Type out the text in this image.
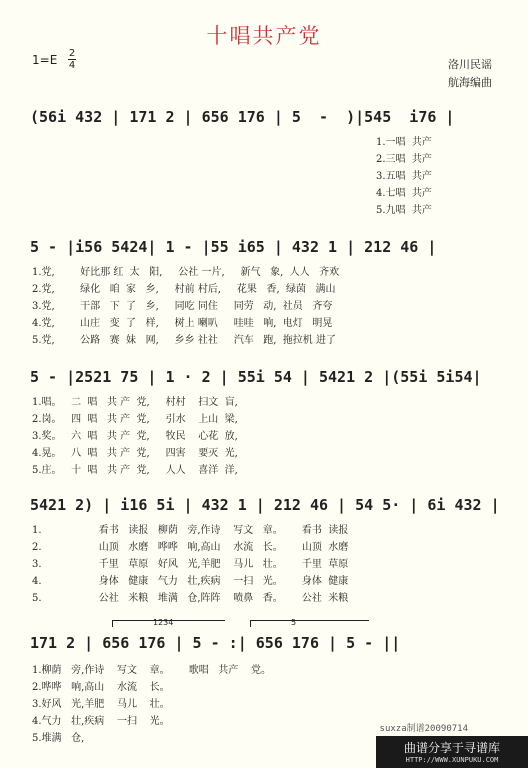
十唱共产党
1=E 2
4	洛川民谣
航海编曲
(56i 432 | 171 2 | 656 176 | 5  -  )|545  i76 |
1.一唱  共产
2.三唱  共产
3.五唱  共产
4.七唱  共产
5.九唱  共产
5 - |i56 5424| 1 - |55 i65 | 432 1 | 212 46 |
1.党,        好比那 红  太   阳,     公社 一片,     新气   象,  人人   齐欢
2.党,        绿化   咱  家   乡,     村前 村后,     花果   香,  绿茵   满山
3.党,        干部   下  了   乡,     同吃 同住     同劳   动,  社员   齐夸
4.党,        山庄   变  了   样,     树上 喇叭     哇哇   响,  电灯   明晃
5.党,        公路   赛  妹   网,     乡乡 社社     汽车   跑,  拖拉机 进了
5 - |2521 75 | 1 · 2 | 55i 54 | 5421 2 |(55i 5i54|
1.唱。   二  唱   共 产  党,     村村    扫文  盲,
2.岗。   四  唱   共 产  党,     引水    上山  梁,
3.奖。   六  唱   共 产  党,     牧民    心花  放,
4.晃。   八  唱   共 产  党,     四害    要灭  光,
5.庄。   十  唱   共 产  党,     人人    喜洋  洋,
5421 2) | i16 5i | 432 1 | 212 46 | 54 5· | 6i 432 |
1.                  看书   读报   柳荫   旁,作诗    写文   章。      看书  读报
2.                  山顶   水磨   哗哗   响,高山    水流   长。      山顶  水磨
3.                  千里   草原   好风   光,羊肥    马儿   壮。      千里  草原
4.                  身体   健康   气力   壮,疾病    一扫   光。      身体  健康
5.                  公社   米粮   堆满   仓,阵阵    喷鼻   香。      公社  米粮
$^{1234}$	$^5$
171 2 | 656 176 | 5 - :| 656 176 | 5 - ||
1.柳荫   旁,作诗    写文    章。      歌唱   共产    党。
2.哗哗   响,高山    水流    长。
3.好风   光,羊肥    马儿    壮。
4.气力   壮,疾病    一扫    光。
5.堆满   仓,
suxza制谱20090714
曲谱分享于寻谱库
HTTP://WWW.XUNPUKU.COM
